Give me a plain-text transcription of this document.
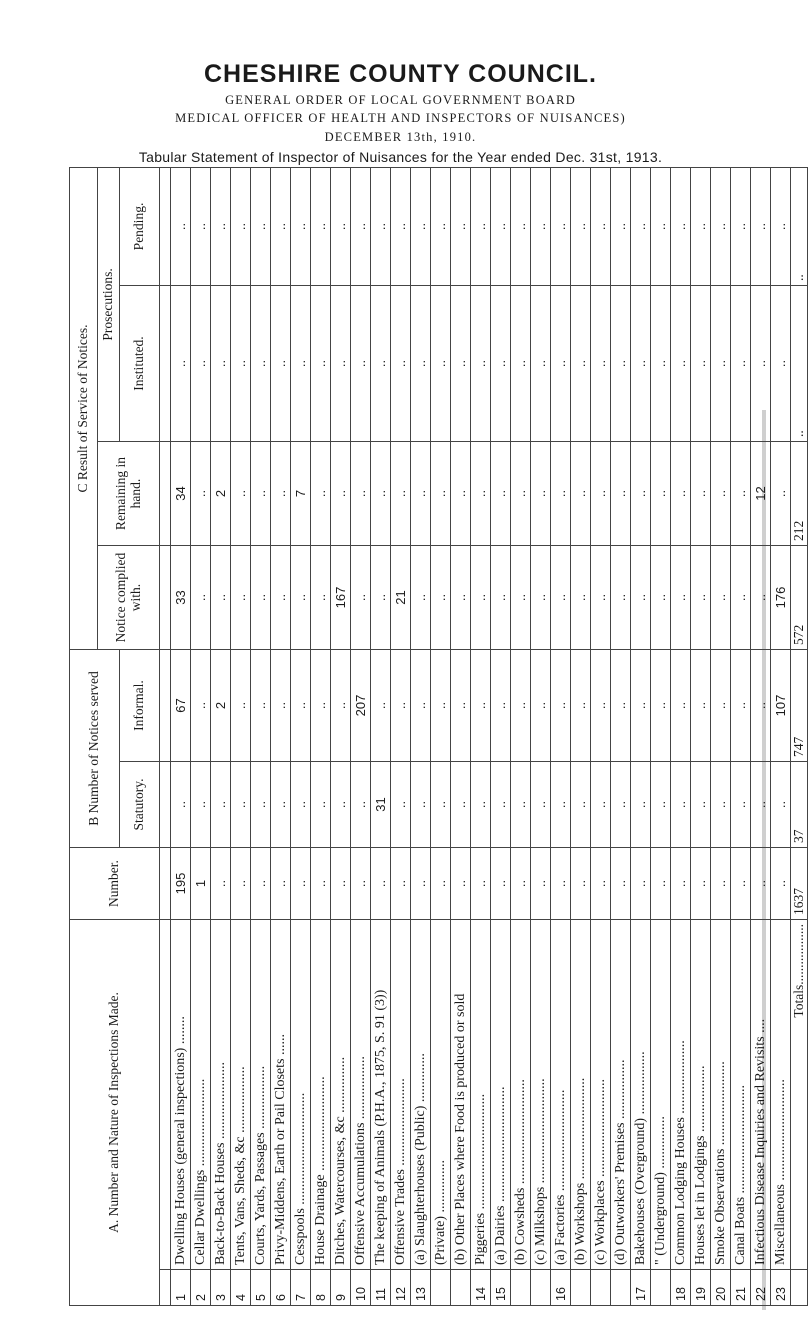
CHESHIRE COUNTY COUNCIL.
GENERAL ORDER OF LOCAL GOVERNMENT BOARD
MEDICAL OFFICER OF HEALTH AND INSPECTORS OF NUISANCES)
DECEMBER 13th, 1910.
Tabular Statement of Inspector of Nuisances for the Year ended Dec. 31st, 1913.
A. Number and Nature of Inspections Made.		Number.	B Number of Notices served		C Result of Service of Notices.			
					Notice complied with.	Remaining in hand.	Prosecutions.	
			Statutory.	Informal.			Instituted.	Pending.

1	Dwelling Houses (general inspections) ........	195	..	67	33	34	..	..
2	Cellar Dwellings .........................	1	..	..	..	..	..	..
3	Back-to-Back Houses ......................	..	..	2	..	2	..	..
4	Tents, Vans, Sheds, &c ...................	..	..	..	..	..	..	..
5	Courts, Yards, Passages ..................	..	..	..	..	..	..	..
6	Privy-Middens, Earth or Pail Closets ......	..	..	..	..	..	..	..
7	Cesspools ................................	..	..	..	..	7	..	..
8	House Drainage ...........................	..	..	..	..	..	..	..
9	Ditches, Watercourses, &c ................	..	..	..	167	..	..	..
10	Offensive Accumulations ..................	..	..	207	..	..	..	..
11	The keeping of Animals (P.H.A., 1875, S. 91 (3))	..	31	..	..	..	..	..
12	Offensive Trades .........................	..	..	..	21	..	..	..
13	(a) Slaughterhouses (Public) ..............	..	..	..	..	..	..	..
	(Private) ...............	..	..	..	..	..	..	..
	(b) Other Places where Food is produced or sold	..	..	..	..	..	..	..
14	Piggeries .................................	..	..	..	..	..	..	..
15	(a) Dairies .................................	..	..	..	..	..	..	..
	(b) Cowsheds ..............................	..	..	..	..	..	..	..
	(c) Milkshops ..............................	..	..	..	..	..	..	..
16	(a) Factories .............................	..	..	..	..	..	..	..
	(b) Workshops .............................	..	..	..	..	..	..	..
	(c) Workplaces ............................	..	..	..	..	..	..	..
	(d) Outworkers' Premises .................	..	..	..	..	..	..	..
17	Bakehouses (Overground) ..................	..	..	..	..	..	..	..
	" (Underground) ...............	..	..	..	..	..	..	..
18	Common Lodging Houses .....................	..	..	..	..	..	..	..
19	Houses let in Lodgings ...................	..	..	..	..	..	..	..
20	Smoke Observations ........................	..	..	..	..	..	..	..
21	Canal Boats ...............................	..	..	..	..	..	..	..
22	Infectious Disease Inquiries and Revisits ....	..	..	..	..	12	..	..
23	Miscellaneous .............................	..	..	107	176	..	..	..
	Totals..................	1637	37	747	572	212	..	..
